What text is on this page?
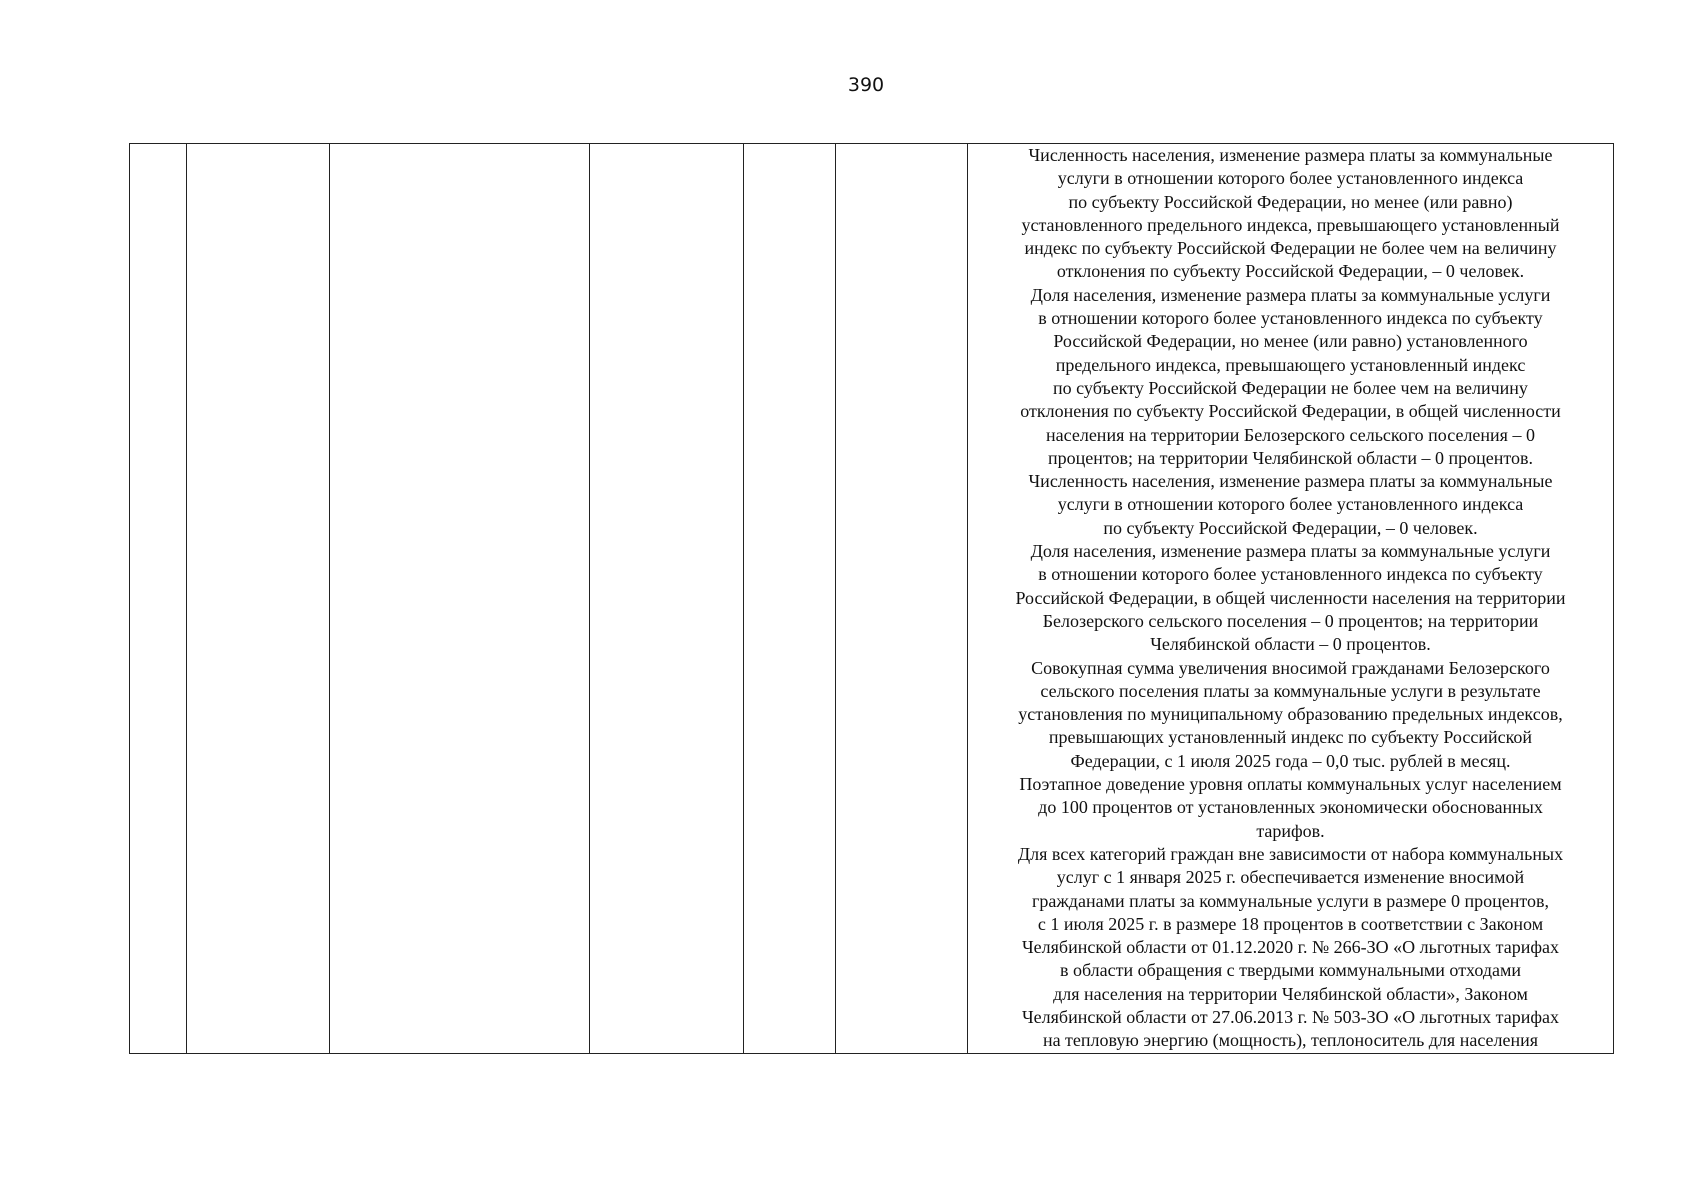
390

Численность населения, изменение размера платы за коммунальные
услуги в отношении которого более установленного индекса
по субъекту Российской Федерации, но менее (или равно)
установленного предельного индекса, превышающего установленный
индекс по субъекту Российской Федерации не более чем на величину
отклонения по субъекту Российской Федерации, – 0 человек.

Доля населения, изменение размера платы за коммунальные услуги
в отношении которого более установленного индекса по субъекту
Российской Федерации, но менее (или равно) установленного
предельного индекса, превышающего установленный индекс
по субъекту Российской Федерации не более чем на величину
отклонения по субъекту Российской Федерации, в общей численности
населения на территории Белозерского сельского поселения – 0
процентов; на территории Челябинской области – 0 процентов.

Численность населения, изменение размера платы за коммунальные
услуги в отношении которого более установленного индекса
по субъекту Российской Федерации, – 0 человек.

Доля населения, изменение размера платы за коммунальные услуги
в отношении которого более установленного индекса по субъекту
Российской Федерации, в общей численности населения на территории
Белозерского сельского поселения – 0 процентов; на территории
Челябинской области – 0 процентов.

Совокупная сумма увеличения вносимой гражданами Белозерского
сельского поселения платы за коммунальные услуги в результате
установления по муниципальному образованию предельных индексов,
превышающих установленный индекс по субъекту Российской
Федерации, с 1 июля 2025 года – 0,0 тыс. рублей в месяц.

Поэтапное доведение уровня оплаты коммунальных услуг населением
до 100 процентов от установленных экономически обоснованных
тарифов.

Для всех категорий граждан вне зависимости от набора коммунальных
услуг с 1 января 2025 г. обеспечивается изменение вносимой
гражданами платы за коммунальные услуги в размере 0 процентов,
с 1 июля 2025 г. в размере 18 процентов в соответствии с Законом
Челябинской области от 01.12.2020 г. № 266-ЗО «О льготных тарифах
в области обращения с твердыми коммунальными отходами
для населения на территории Челябинской области», Законом
Челябинской области от 27.06.2013 г. № 503-ЗО «О льготных тарифах
на тепловую энергию (мощность), теплоноситель для населения
